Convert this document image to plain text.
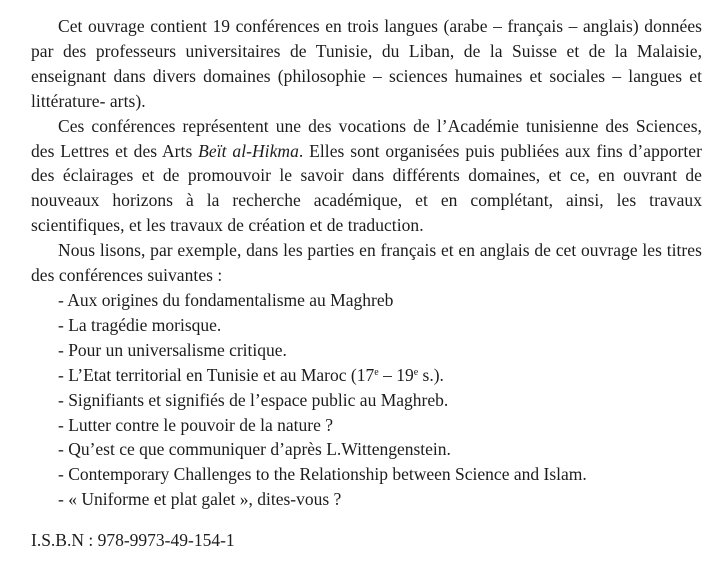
Cet ouvrage contient 19 conférences en trois langues (arabe – français – anglais) données par des professeurs universitaires de Tunisie, du Liban, de la Suisse et de la Malaisie, enseignant dans divers domaines (philosophie – sciences humaines et sociales – langues et littérature- arts).

Ces conférences représentent une des vocations de l’Académie tunisienne des Sciences, des Lettres et des Arts Beït al-Hikma. Elles sont organisées puis publiées aux fins d’apporter des éclairages et de promouvoir le savoir dans différents domaines, et ce, en ouvrant de nouveaux horizons à la recherche académique, et en complétant, ainsi, les travaux scientifiques, et les travaux de création et de traduction.

Nous lisons, par exemple, dans les parties en français et en anglais de cet ouvrage les titres des conférences suivantes :

- Aux origines du fondamentalisme au Maghreb
- La tragédie morisque.
- Pour un universalisme critique.
- L’Etat territorial en Tunisie et au Maroc (17e – 19e s.).
- Signifiants et signifiés de l’espace public au Maghreb.
- Lutter contre le pouvoir de la nature ?
- Qu’est ce que communiquer d’après L.Wittengenstein.
- Contemporary Challenges to the Relationship between Science and Islam.
- « Uniforme et plat galet », dites-vous ?

I.S.B.N : 978-9973-49-154-1
